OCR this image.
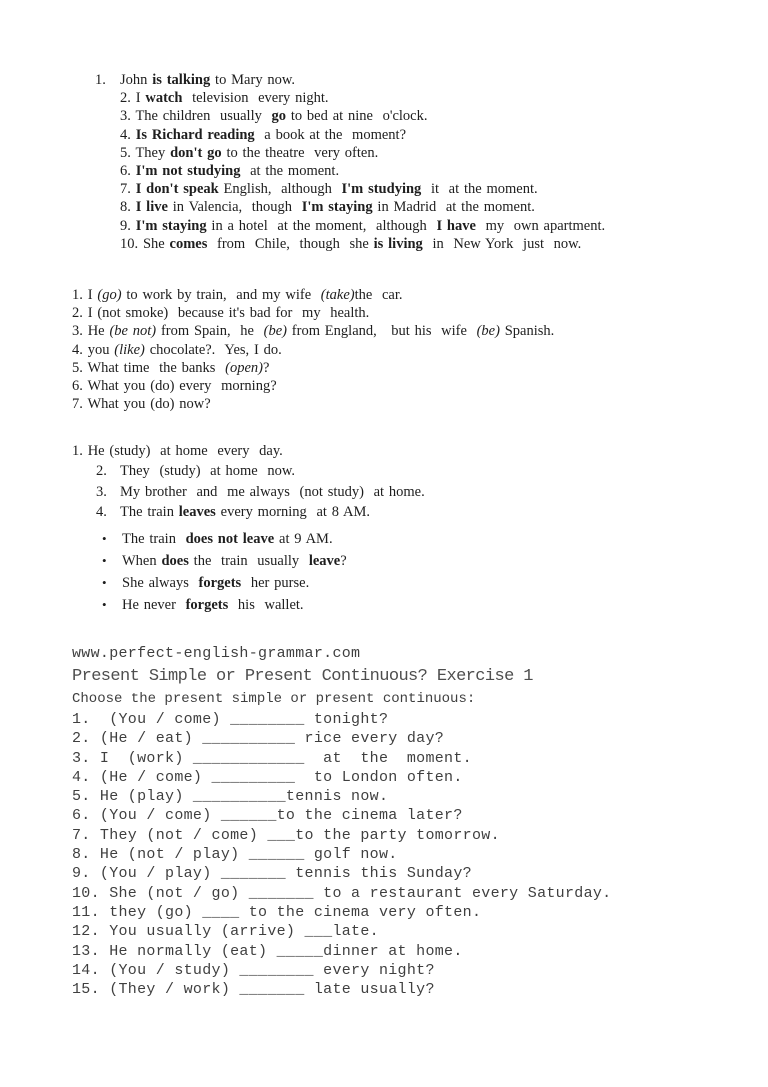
1. John is talking to Mary now.
2. I watch  television  every night.
3. The children  usually  go to bed at nine  o'clock.
4. Is Richard reading  a book at the  moment?
5. They don't go to the theatre  very often.
6. I'm not studying  at the moment.
7. I don't speak English,  although  I'm studying  it  at the moment.
8. I live in Valencia,  though  I'm staying in Madrid  at the moment.
9. I'm staying in a hotel  at the moment,  although  I have  my  own apartment.
10. She comes  from  Chile,  though  she is living  in  New York  just  now.
1. I (go) to work by train,  and my wife  (take)the  car.
2. I (not smoke)  because it's bad for  my  health.
3. He (be not) from Spain,  he  (be) from England,   but his  wife  (be) Spanish.
4. you (like) chocolate?.  Yes, I do.
5. What time  the banks  (open)?
6. What you (do) every  morning?
7. What you (do) now?
1. He (study)  at home  every  day.
2. They  (study)  at home  now.
3. My brother  and  me always  (not study)  at home.
4. The train leaves every morning  at 8 AM.
• The train  does not leave at 9 AM.
• When does the  train  usually  leave?
• She always  forgets  her purse.
• He never  forgets  his  wallet.
www.perfect-english-grammar.com
Present Simple or Present Continuous? Exercise 1
Choose the present simple or present continuous:
1.  (You / come) ________ tonight?
2. (He / eat) __________ rice every day?
3. I  (work) ____________  at  the  moment.
4. (He / come) _________  to London often.
5. He (play) __________tennis now.
6. (You / come) ______to the cinema later?
7. They (not / come) ___to the party tomorrow.
8. He (not / play) ______ golf now.
9. (You / play) _______ tennis this Sunday?
10. She (not / go) _______ to a restaurant every Saturday.
11. they (go) ____ to the cinema very often.
12. You usually (arrive) ___late.
13. He normally (eat) _____dinner at home.
14. (You / study) ________ every night?
15. (They / work) _______ late usually?
